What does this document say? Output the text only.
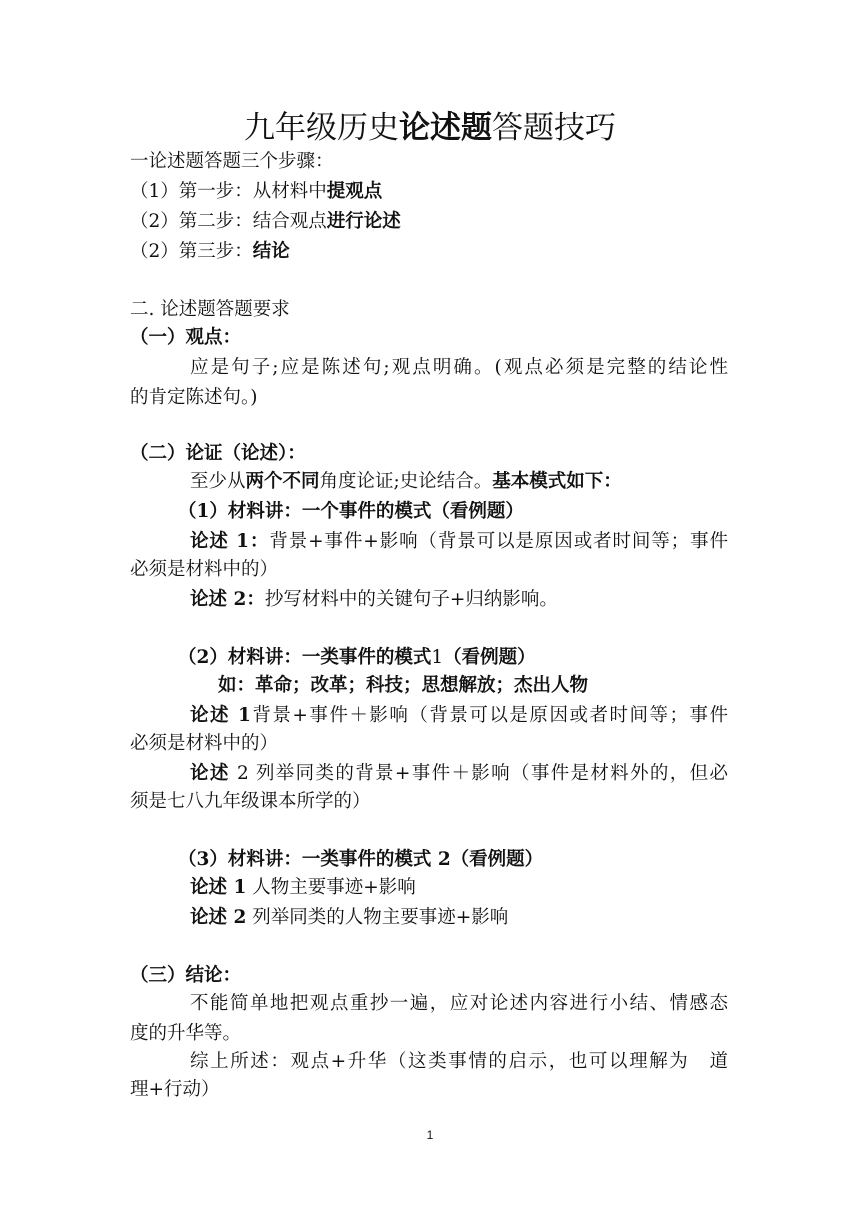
九年级历史论述题答题技巧
一论述题答题三个步骤：
（1）第一步：从材料中提观点
（2）第二步：结合观点进行论述
（2）第三步：结论
二. 论述题答题要求
（一）观点：
应是句子;应是陈述句;观点明确。(观点必须是完整的结论性
的肯定陈述句。)
（二）论证（论述）：
至少从两个不同角度论证;史论结合。基本模式如下：
（1）材料讲：一个事件的模式（看例题）
论述 1：背景+事件+影响（背景可以是原因或者时间等；事件
必须是材料中的）
论述 2：抄写材料中的关键句子+归纳影响。
（2）材料讲：一类事件的模式1（看例题）
如：革命；改革；科技；思想解放；杰出人物
论述 1背景+事件＋影响（背景可以是原因或者时间等；事件
必须是材料中的）
论述 2 列举同类的背景+事件＋影响（事件是材料外的，但必
须是七八九年级课本所学的）
（3）材料讲：一类事件的模式 2（看例题）
论述 1 人物主要事迹+影响
论述 2 列举同类的人物主要事迹+影响
（三）结论：
不能简单地把观点重抄一遍，应对论述内容进行小结、情感态
度的升华等。
综上所述：观点+升华（这类事情的启示，也可以理解为　道
理+行动）
1
